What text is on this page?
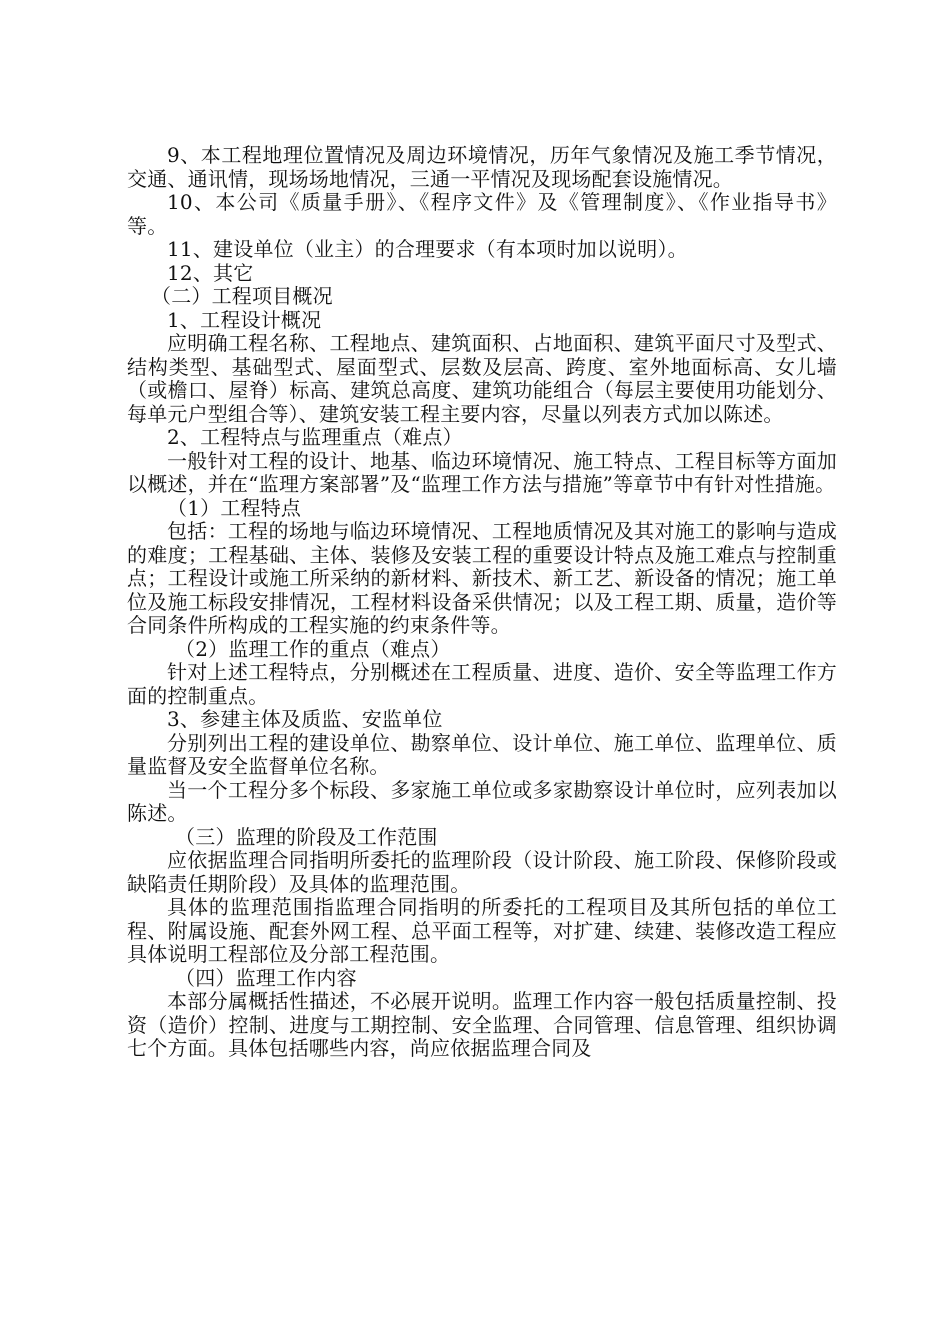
9、本工程地理位置情况及周边环境情况，历年气象情况及施工季节情况，交通、通讯情，现场场地情况，三通一平情况及现场配套设施情况。

10、本公司《质量手册》、《程序文件》及《管理制度》、《作业指导书》等。

11、建设单位（业主）的合理要求（有本项时加以说明）。

12、其它

（二）工程项目概况

1、工程设计概况

应明确工程名称、工程地点、建筑面积、占地面积、建筑平面尺寸及型式、结构类型、基础型式、屋面型式、层数及层高、跨度、室外地面标高、女儿墙（或檐口、屋脊）标高、建筑总高度、建筑功能组合（每层主要使用功能划分、每单元户型组合等）、建筑安装工程主要内容，尽量以列表方式加以陈述。

2、工程特点与监理重点（难点）

一般针对工程的设计、地基、临边环境情况、施工特点、工程目标等方面加以概述，并在“监理方案部署”及“监理工作方法与措施”等章节中有针对性措施。

（1）工程特点

包括：工程的场地与临边环境情况、工程地质情况及其对施工的影响与造成的难度；工程基础、主体、装修及安装工程的重要设计特点及施工难点与控制重点；工程设计或施工所采纳的新材料、新技术、新工艺、新设备的情况；施工单位及施工标段安排情况，工程材料设备采供情况；以及工程工期、质量，造价等合同条件所构成的工程实施的约束条件等。

（2）监理工作的重点（难点）

针对上述工程特点，分别概述在工程质量、进度、造价、安全等监理工作方面的控制重点。

3、参建主体及质监、安监单位

分别列出工程的建设单位、勘察单位、设计单位、施工单位、监理单位、质量监督及安全监督单位名称。

当一个工程分多个标段、多家施工单位或多家勘察设计单位时，应列表加以陈述。

（三）监理的阶段及工作范围

应依据监理合同指明所委托的监理阶段（设计阶段、施工阶段、保修阶段或缺陷责任期阶段）及具体的监理范围。

具体的监理范围指监理合同指明的所委托的工程项目及其所包括的单位工程、附属设施、配套外网工程、总平面工程等，对扩建、续建、装修改造工程应具体说明工程部位及分部工程范围。

（四）监理工作内容

本部分属概括性描述，不必展开说明。监理工作内容一般包括质量控制、投资（造价）控制、进度与工期控制、安全监理、合同管理、信息管理、组织协调七个方面。具体包括哪些内容，尚应依据监理合同及
